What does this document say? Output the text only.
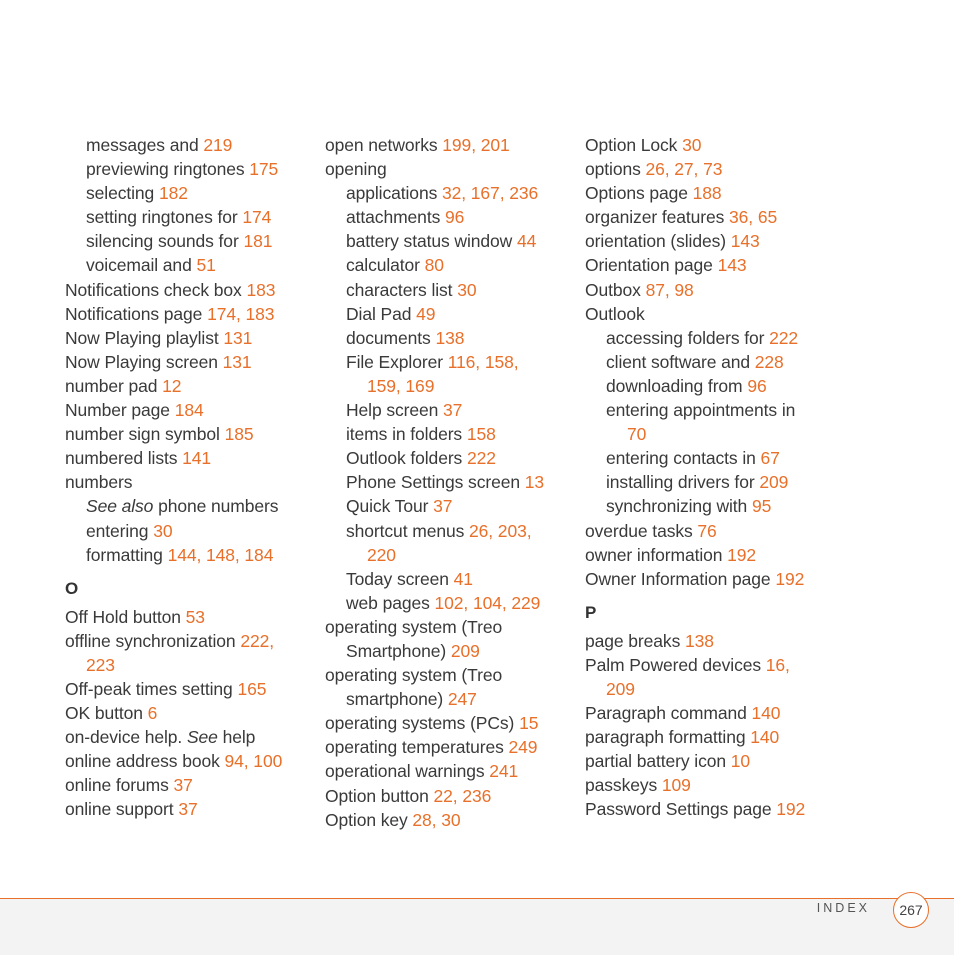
messages and 219
previewing ringtones 175
selecting 182
setting ringtones for 174
silencing sounds for 181
voicemail and 51
Notifications check box 183
Notifications page 174, 183
Now Playing playlist 131
Now Playing screen 131
number pad 12
Number page 184
number sign symbol 185
numbered lists 141
numbers
See also phone numbers
entering 30
formatting 144, 148, 184
O
Off Hold button 53
offline synchronization 222,
223
Off-peak times setting 165
OK button 6
on-device help. See help
online address book 94, 100
online forums 37
online support 37
open networks 199, 201
opening
applications 32, 167, 236
attachments 96
battery status window 44
calculator 80
characters list 30
Dial Pad 49
documents 138
File Explorer 116, 158,
159, 169
Help screen 37
items in folders 158
Outlook folders 222
Phone Settings screen 13
Quick Tour 37
shortcut menus 26, 203,
220
Today screen 41
web pages 102, 104, 229
operating system (Treo
Smartphone) 209
operating system (Treo
smartphone) 247
operating systems (PCs) 15
operating temperatures 249
operational warnings 241
Option button 22, 236
Option key 28, 30
Option Lock 30
options 26, 27, 73
Options page 188
organizer features 36, 65
orientation (slides) 143
Orientation page 143
Outbox 87, 98
Outlook
accessing folders for 222
client software and 228
downloading from 96
entering appointments in
70
entering contacts in 67
installing drivers for 209
synchronizing with 95
overdue tasks 76
owner information 192
Owner Information page 192
P
page breaks 138
Palm Powered devices 16,
209
Paragraph command 140
paragraph formatting 140
partial battery icon 10
passkeys 109
Password Settings page 192
INDEX	267
